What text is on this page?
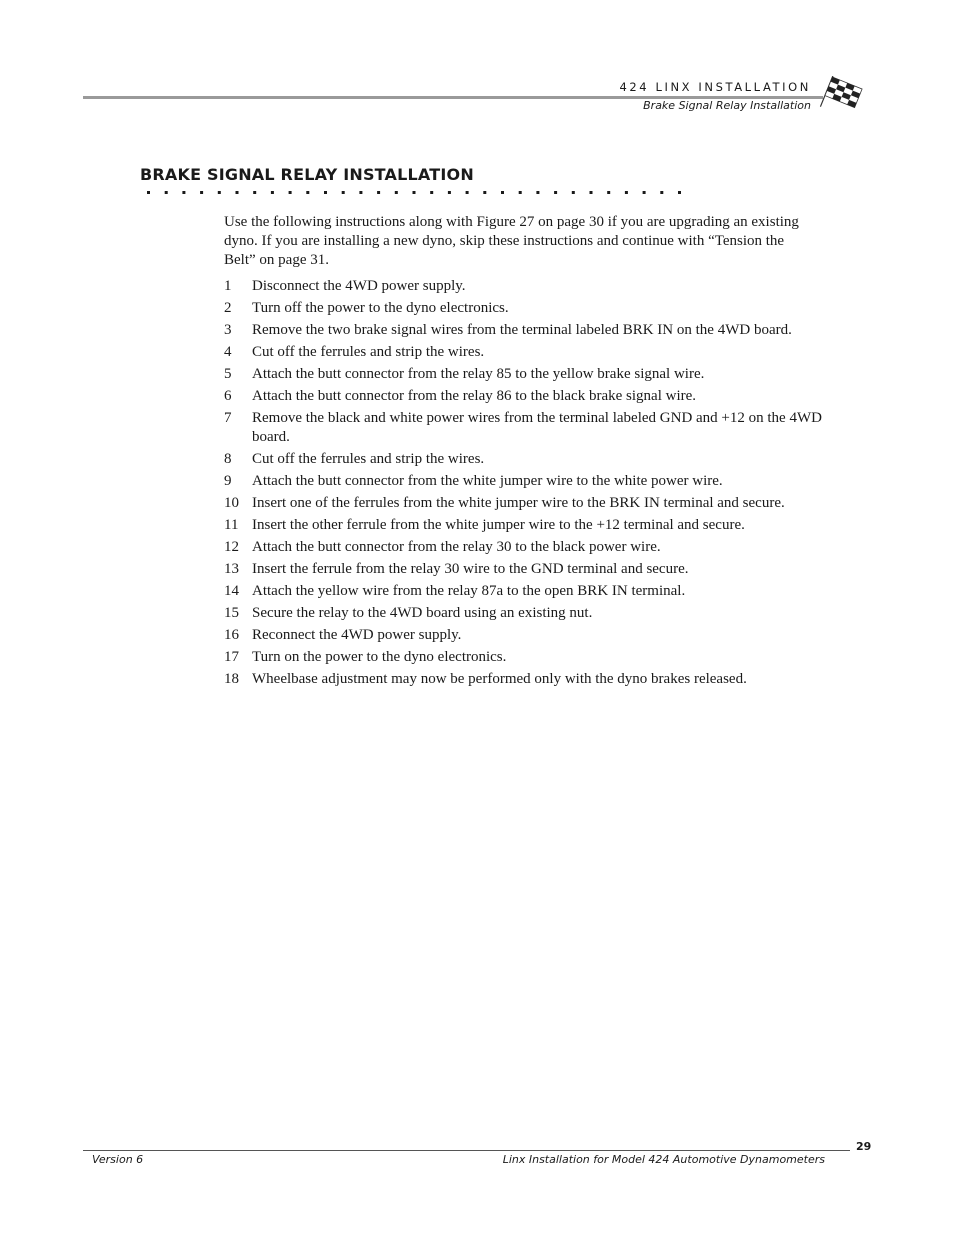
424 LINX INSTALLATION
Brake Signal Relay Installation
BRAKE SIGNAL RELAY INSTALLATION

Use the following instructions along with Figure 27 on page 30 if you are upgrading an existing dyno. If you are installing a new dyno, skip these instructions and continue with “Tension the Belt” on page 31.

1 Disconnect the 4WD power supply.
2 Turn off the power to the dyno electronics.
3 Remove the two brake signal wires from the terminal labeled BRK IN on the 4WD board.
4 Cut off the ferrules and strip the wires.
5 Attach the butt connector from the relay 85 to the yellow brake signal wire.
6 Attach the butt connector from the relay 86 to the black brake signal wire.
7 Remove the black and white power wires from the terminal labeled GND and +12 on the 4WD board.
8 Cut off the ferrules and strip the wires.
9 Attach the butt connector from the white jumper wire to the white power wire.
10 Insert one of the ferrules from the white jumper wire to the BRK IN terminal and secure.
11 Insert the other ferrule from the white jumper wire to the +12 terminal and secure.
12 Attach the butt connector from the relay 30 to the black power wire.
13 Insert the ferrule from the relay 30 wire to the GND terminal and secure.
14 Attach the yellow wire from the relay 87a to the open BRK IN terminal.
15 Secure the relay to the 4WD board using an existing nut.
16 Reconnect the 4WD power supply.
17 Turn on the power to the dyno electronics.
18 Wheelbase adjustment may now be performed only with the dyno brakes released.
Version 6	Linx Installation for Model 424 Automotive Dynamometers
29
